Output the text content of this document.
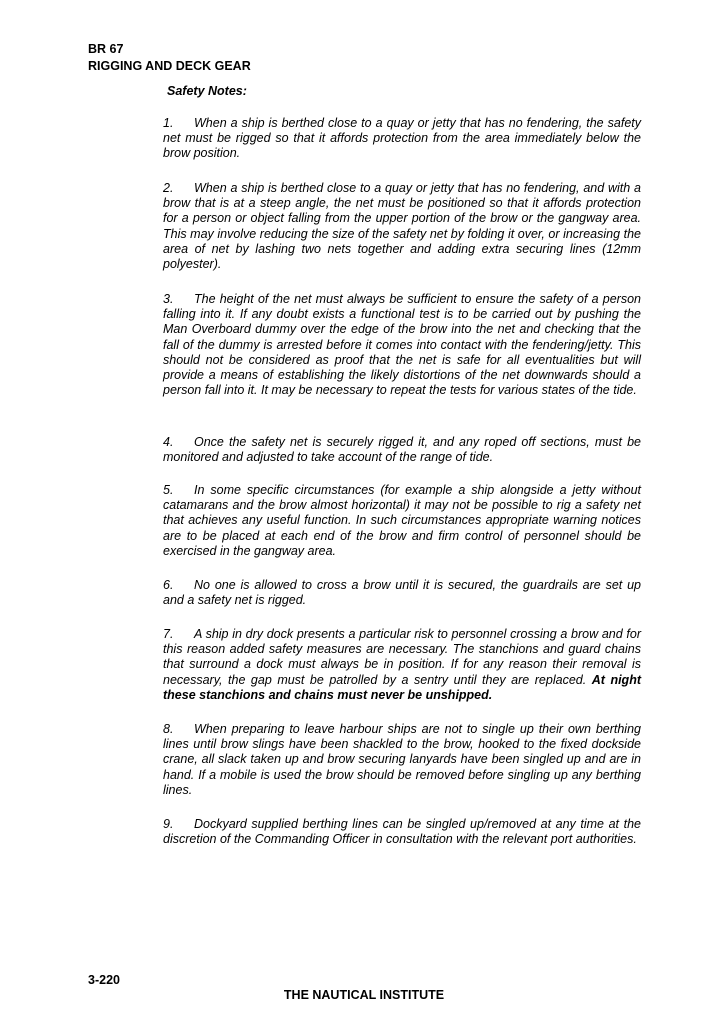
BR 67
RIGGING AND DECK GEAR
Safety Notes:
1. When a ship is berthed close to a quay or jetty that has no fendering, the safety net must be rigged so that it affords protection from the area immediately below the brow position.
2. When a ship is berthed close to a quay or jetty that has no fendering, and with a brow that is at a steep angle, the net must be positioned so that it affords protection for a person or object falling from the upper portion of the brow or the gangway area. This may involve reducing the size of the safety net by folding it over, or increasing the area of net by lashing two nets together and adding extra securing lines (12mm polyester).
3. The height of the net must always be sufficient to ensure the safety of a person falling into it. If any doubt exists a functional test is to be carried out by pushing the Man Overboard dummy over the edge of the brow into the net and checking that the fall of the dummy is arrested before it comes into contact with the fendering/jetty. This should not be considered as proof that the net is safe for all eventualities but will provide a means of establishing the likely distortions of the net downwards should a person fall into it. It may be necessary to repeat the tests for various states of the tide.
4. Once the safety net is securely rigged it, and any roped off sections, must be monitored and adjusted to take account of the range of tide.
5. In some specific circumstances (for example a ship alongside a jetty without catamarans and the brow almost horizontal) it may not be possible to rig a safety net that achieves any useful function. In such circumstances appropriate warning notices are to be placed at each end of the brow and firm control of personnel should be exercised in the gangway area.
6. No one is allowed to cross a brow until it is secured, the guardrails are set up and a safety net is rigged.
7. A ship in dry dock presents a particular risk to personnel crossing a brow and for this reason added safety measures are necessary. The stanchions and guard chains that surround a dock must always be in position. If for any reason their removal is necessary, the gap must be patrolled by a sentry until they are replaced. At night these stanchions and chains must never be unshipped.
8. When preparing to leave harbour ships are not to single up their own berthing lines until brow slings have been shackled to the brow, hooked to the fixed dockside crane, all slack taken up and brow securing lanyards have been singled up and are in hand. If a mobile is used the brow should be removed before singling up any berthing lines.
9. Dockyard supplied berthing lines can be singled up/removed at any time at the discretion of the Commanding Officer in consultation with the relevant port authorities.
3-220
THE NAUTICAL INSTITUTE
